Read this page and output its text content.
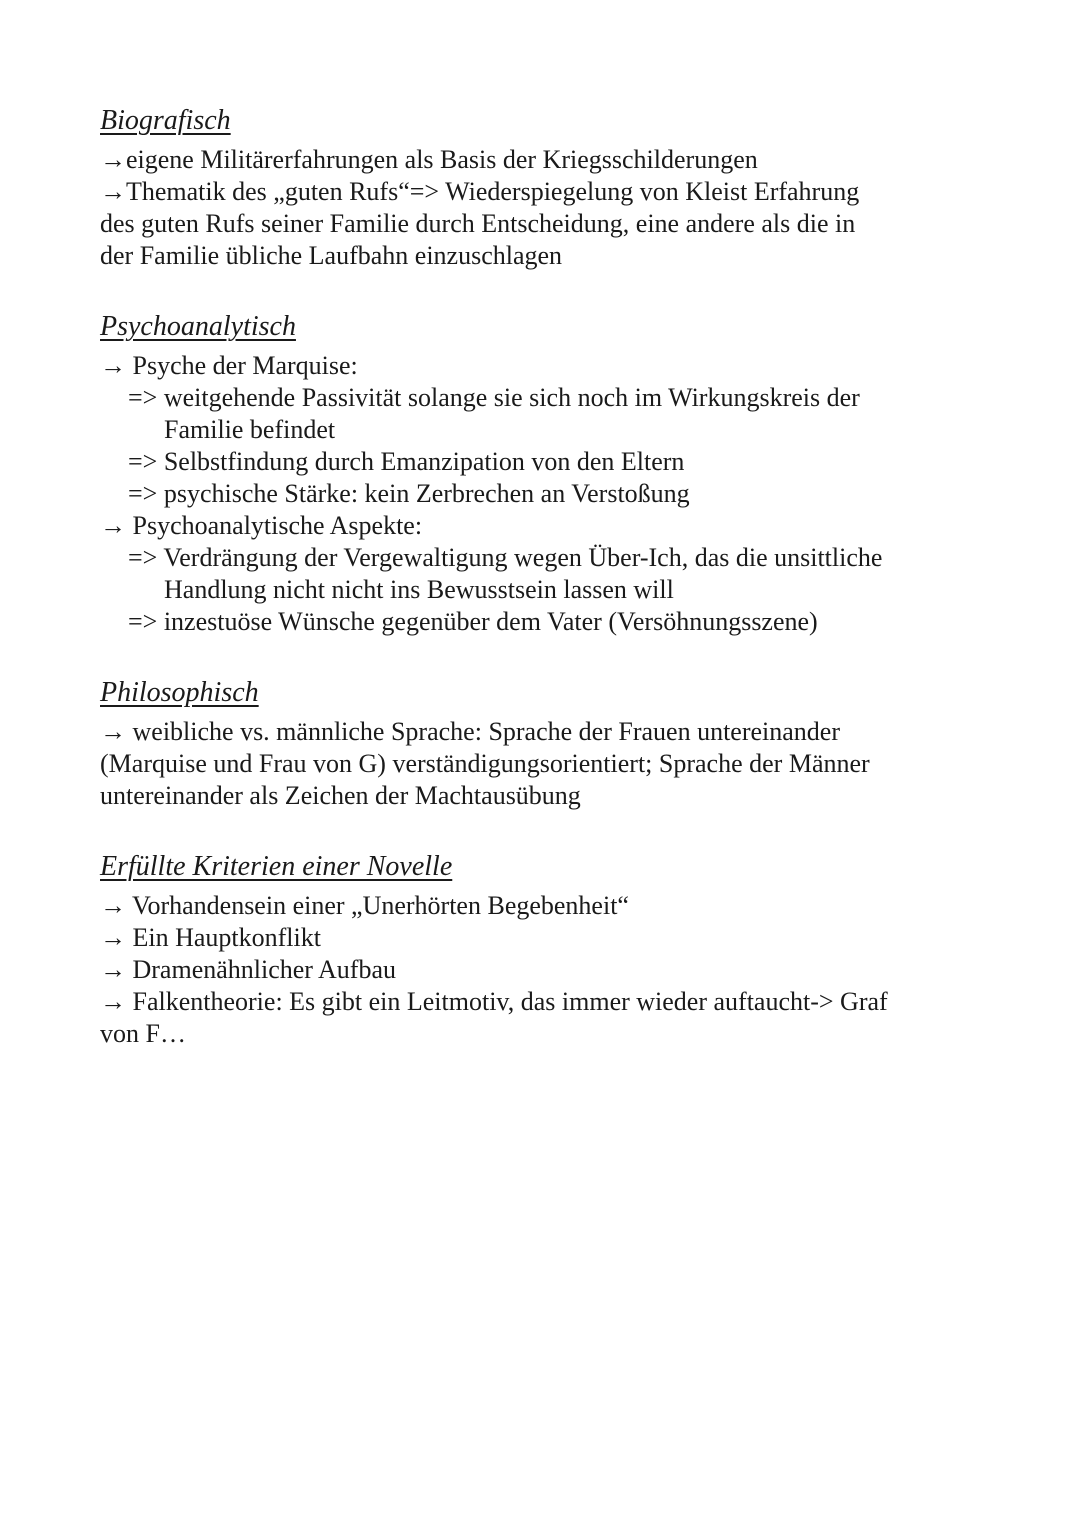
Biografisch
→eigene Militärerfahrungen als Basis der Kriegsschilderungen
→Thematik des „guten Rufs“=> Wiederspiegelung von Kleist Erfahrung
des guten Rufs seiner Familie durch Entscheidung, eine andere als die in
der Familie übliche Laufbahn einzuschlagen
Psychoanalytisch
→ Psyche der Marquise:
=> weitgehende Passivität solange sie sich noch im Wirkungskreis der
Familie befindet
=> Selbstfindung durch Emanzipation von den Eltern
=> psychische Stärke: kein Zerbrechen an Verstoßung
→ Psychoanalytische Aspekte:
=> Verdrängung der Vergewaltigung wegen Über-Ich, das die unsittliche
Handlung nicht nicht ins Bewusstsein lassen will
=> inzestuöse Wünsche gegenüber dem Vater (Versöhnungsszene)
Philosophisch
→ weibliche vs. männliche Sprache: Sprache der Frauen untereinander
(Marquise und Frau von G) verständigungsorientiert; Sprache der Männer
untereinander als Zeichen der Machtausübung
Erfüllte Kriterien einer Novelle
→ Vorhandensein einer „Unerhörten Begebenheit“
→ Ein Hauptkonflikt
→ Dramenähnlicher Aufbau
→ Falkentheorie: Es gibt ein Leitmotiv, das immer wieder auftaucht-> Graf
von F…
